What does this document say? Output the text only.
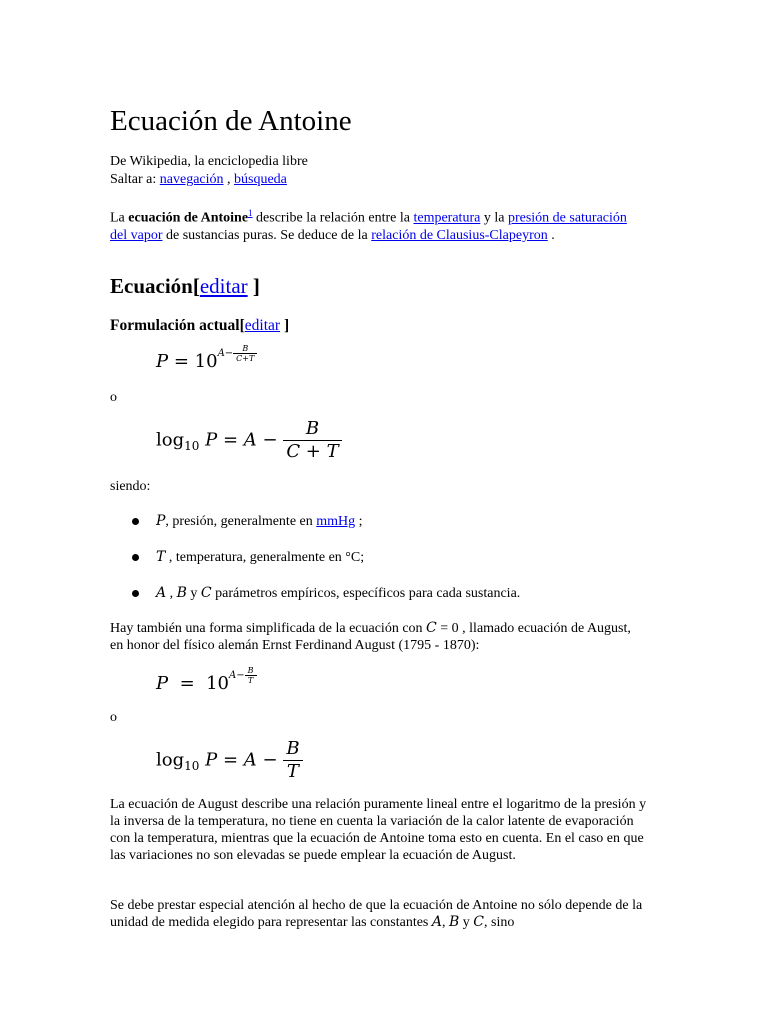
Ecuación de Antoine
De Wikipedia, la enciclopedia libre
Saltar a: navegación , búsqueda
La ecuación de Antoine$^1$ describe la relación entre la temperatura y la presión de saturación del vapor de sustancias puras. Se deduce de la relación de Clausius-Clapeyron .
Ecuación[editar ]
Formulación actual[editar ]
$P = 10^{A- \frac{B}{C+T}}$
o
$\log_{10} P = A - \frac{B}{C + T}$
siendo:
P, presión, generalmente en mmHg ;
T , temperatura, generalmente en °C;
A , B y C parámetros empíricos, específicos para cada sustancia.
Hay también una forma simplificada de la ecuación con C = 0 , llamado ecuación de August, en honor del físico alemán Ernst Ferdinand August (1795 - 1870):
$P = 10^{A- \frac{B}{T}}$
o
$\log_{10} P = A - \frac{B}{T}$
La ecuación de August describe una relación puramente lineal entre el logaritmo de la presión y la inversa de la temperatura, no tiene en cuenta la variación de la calor latente de evaporación con la temperatura, mientras que la ecuación de Antoine toma esto en cuenta. En el caso en que las variaciones no son elevadas se puede emplear la ecuación de August.
Se debe prestar especial atención al hecho de que la ecuación de Antoine no sólo depende de la unidad de medida elegido para representar las constantes A, B y C, sino
